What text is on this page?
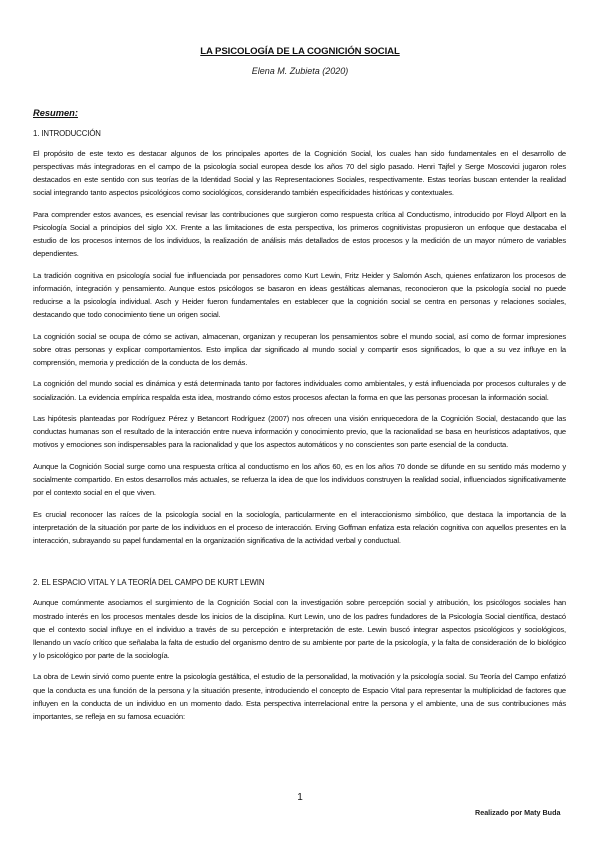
LA PSICOLOGÍA DE LA COGNICIÓN SOCIAL
Elena M. Zubieta (2020)
Resumen:
1. INTRODUCCIÓN

El propósito de este texto es destacar algunos de los principales aportes de la Cognición Social, los cuales han sido fundamentales en el desarrollo de perspectivas más integradoras en el campo de la psicología social europea desde los años 70 del siglo pasado. Henri Tajfel y Serge Moscovici jugaron roles destacados en este sentido con sus teorías de la Identidad Social y las Representaciones Sociales, respectivamente. Estas teorías buscan entender la realidad social integrando tanto aspectos psicológicos como sociológicos, considerando también especificidades históricas y contextuales.

Para comprender estos avances, es esencial revisar las contribuciones que surgieron como respuesta crítica al Conductismo, introducido por Floyd Allport en la Psicología Social a principios del siglo XX. Frente a las limitaciones de esta perspectiva, los primeros cognitivistas propusieron un enfoque que destacaba el estudio de los procesos internos de los individuos, la realización de análisis más detallados de estos procesos y la medición de un mayor número de variables dependientes.

La tradición cognitiva en psicología social fue influenciada por pensadores como Kurt Lewin, Fritz Heider y Salomón Asch, quienes enfatizaron los procesos de información, integración y pensamiento. Aunque estos psicólogos se basaron en ideas gestálticas alemanas, reconocieron que la psicología social no puede reducirse a la psicología individual. Asch y Heider fueron fundamentales en establecer que la cognición social se centra en personas y relaciones sociales, destacando que todo conocimiento tiene un origen social.

La cognición social se ocupa de cómo se activan, almacenan, organizan y recuperan los pensamientos sobre el mundo social, así como de formar impresiones sobre otras personas y explicar comportamientos. Esto implica dar significado al mundo social y compartir esos significados, lo que a su vez influye en la comprensión, memoria y predicción de la conducta de los demás.

La cognición del mundo social es dinámica y está determinada tanto por factores individuales como ambientales, y está influenciada por procesos culturales y de socialización. La evidencia empírica respalda esta idea, mostrando cómo estos procesos afectan la forma en que las personas procesan la información social.

Las hipótesis planteadas por Rodríguez Pérez y Betancort Rodríguez (2007) nos ofrecen una visión enriquecedora de la Cognición Social, destacando que las conductas humanas son el resultado de la interacción entre nueva información y conocimiento previo, que la racionalidad se basa en heurísticos adaptativos, que motivos y emociones son indispensables para la racionalidad y que los aspectos automáticos y no conscientes son parte esencial de la conducta.

Aunque la Cognición Social surge como una respuesta crítica al conductismo en los años 60, es en los años 70 donde se difunde en su sentido más moderno y socialmente compartido. En estos desarrollos más actuales, se refuerza la idea de que los individuos construyen la realidad social, influenciados significativamente por el contexto social en el que viven.

Es crucial reconocer las raíces de la psicología social en la sociología, particularmente en el interaccionismo simbólico, que destaca la importancia de la interpretación de la situación por parte de los individuos en el proceso de interacción. Erving Goffman enfatiza esta relación cognitiva con aquellos presentes en la interacción, subrayando su papel fundamental en la organización significativa de la actividad verbal y conductual.

2. EL ESPACIO VITAL Y LA TEORÍA DEL CAMPO DE KURT LEWIN

Aunque comúnmente asociamos el surgimiento de la Cognición Social con la investigación sobre percepción social y atribución, los psicólogos sociales han mostrado interés en los procesos mentales desde los inicios de la disciplina. Kurt Lewin, uno de los padres fundadores de la Psicología Social científica, destacó que el contexto social influye en el individuo a través de su percepción e interpretación de este. Lewin buscó integrar aspectos psicológicos y sociológicos, llenando un vacío crítico que señalaba la falta de estudio del organismo dentro de su ambiente por parte de la psicología, y la falta de consideración de lo biológico y lo psicológico por parte de la sociología.

La obra de Lewin sirvió como puente entre la psicología gestáltica, el estudio de la personalidad, la motivación y la psicología social. Su Teoría del Campo enfatizó que la conducta es una función de la persona y la situación presente, introduciendo el concepto de Espacio Vital para representar la multiplicidad de factores que influyen en la conducta de un individuo en un momento dado. Esta perspectiva interrelacional entre la persona y el ambiente, una de sus contribuciones más importantes, se refleja en su famosa ecuación:

1
Realizado por Maty Buda
